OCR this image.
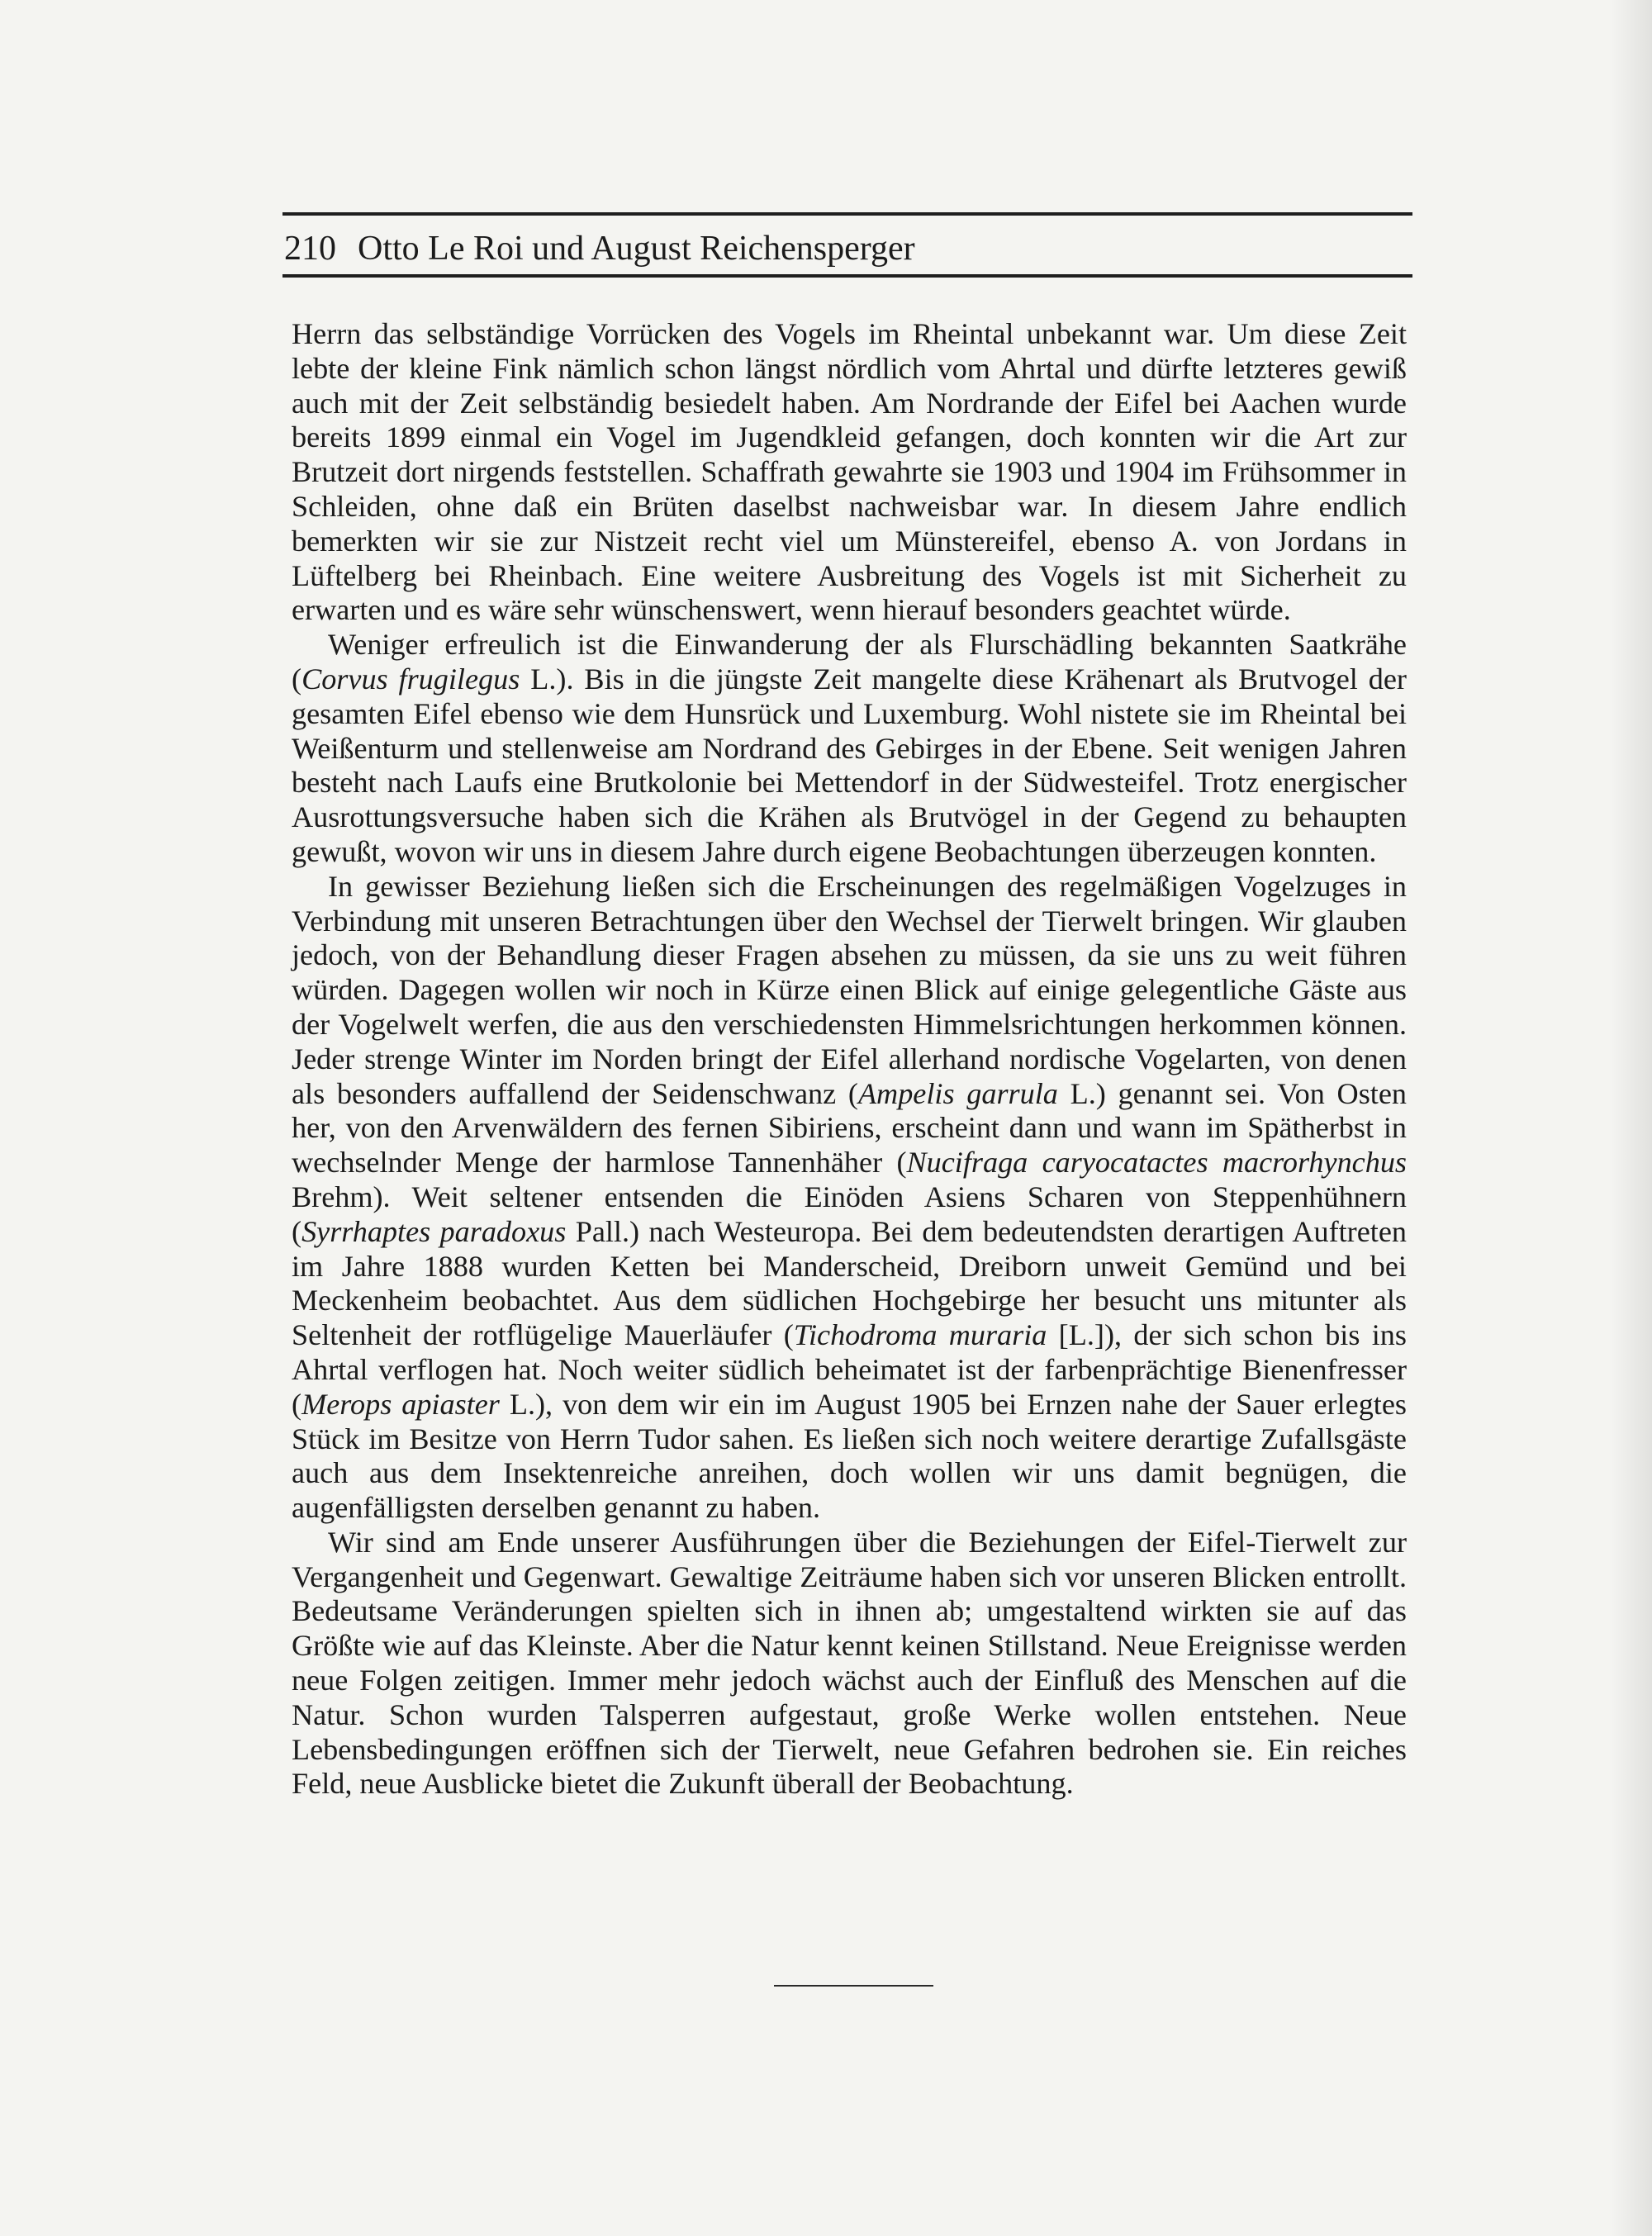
210 Otto Le Roi und August Reichensperger

Herrn das selbständige Vorrücken des Vogels im Rheintal unbekannt war. Um diese Zeit lebte der kleine Fink nämlich schon längst nördlich vom Ahrtal und dürfte letzteres gewiß auch mit der Zeit selbständig besiedelt haben. Am Nordrande der Eifel bei Aachen wurde bereits 1899 einmal ein Vogel im Jugendkleid gefangen, doch konnten wir die Art zur Brutzeit dort nirgends feststellen. Schaffrath gewahrte sie 1903 und 1904 im Frühsommer in Schleiden, ohne daß ein Brüten daselbst nachweisbar war. In diesem Jahre endlich bemerkten wir sie zur Nistzeit recht viel um Münstereifel, ebenso A. von Jordans in Lüftelberg bei Rheinbach. Eine weitere Ausbreitung des Vogels ist mit Sicherheit zu erwarten und es wäre sehr wünschenswert, wenn hierauf besonders geachtet würde.

Weniger erfreulich ist die Einwanderung der als Flurschädling bekannten Saatkrähe (Corvus frugilegus L.). Bis in die jüngste Zeit mangelte diese Krähenart als Brutvogel der gesamten Eifel ebenso wie dem Hunsrück und Luxemburg. Wohl nistete sie im Rheintal bei Weißenturm und stellenweise am Nordrand des Gebirges in der Ebene. Seit wenigen Jahren besteht nach Laufs eine Brutkolonie bei Mettendorf in der Südwesteifel. Trotz energischer Ausrottungsversuche haben sich die Krähen als Brutvögel in der Gegend zu behaupten gewußt, wovon wir uns in diesem Jahre durch eigene Beobachtungen überzeugen konnten.

In gewisser Beziehung ließen sich die Erscheinungen des regelmäßigen Vogelzuges in Verbindung mit unseren Betrachtungen über den Wechsel der Tierwelt bringen. Wir glauben jedoch, von der Behandlung dieser Fragen absehen zu müssen, da sie uns zu weit führen würden. Dagegen wollen wir noch in Kürze einen Blick auf einige gelegentliche Gäste aus der Vogelwelt werfen, die aus den verschiedensten Himmelsrichtungen herkommen können. Jeder strenge Winter im Norden bringt der Eifel allerhand nordische Vogelarten, von denen als besonders auffallend der Seidenschwanz (Ampelis garrula L.) genannt sei. Von Osten her, von den Arvenwäldern des fernen Sibiriens, erscheint dann und wann im Spätherbst in wechselnder Menge der harmlose Tannenhäher (Nucifraga caryocatactes macrorhynchus Brehm). Weit seltener entsenden die Einöden Asiens Scharen von Steppenhühnern (Syrrhaptes paradoxus Pall.) nach Westeuropa. Bei dem bedeutendsten derartigen Auftreten im Jahre 1888 wurden Ketten bei Manderscheid, Dreiborn unweit Gemünd und bei Meckenheim beobachtet. Aus dem südlichen Hochgebirge her besucht uns mitunter als Seltenheit der rotflügelige Mauerläufer (Tichodroma muraria [L.]), der sich schon bis ins Ahrtal verflogen hat. Noch weiter südlich beheimatet ist der farbenprächtige Bienenfresser (Merops apiaster L.), von dem wir ein im August 1905 bei Ernzen nahe der Sauer erlegtes Stück im Besitze von Herrn Tudor sahen. Es ließen sich noch weitere derartige Zufallsgäste auch aus dem Insektenreiche anreihen, doch wollen wir uns damit begnügen, die augenfälligsten derselben genannt zu haben.

Wir sind am Ende unserer Ausführungen über die Beziehungen der Eifel-Tierwelt zur Vergangenheit und Gegenwart. Gewaltige Zeiträume haben sich vor unseren Blicken entrollt. Bedeutsame Veränderungen spielten sich in ihnen ab; umgestaltend wirkten sie auf das Größte wie auf das Kleinste. Aber die Natur kennt keinen Stillstand. Neue Ereignisse werden neue Folgen zeitigen. Immer mehr jedoch wächst auch der Einfluß des Menschen auf die Natur. Schon wurden Talsperren aufgestaut, große Werke wollen entstehen. Neue Lebensbedingungen eröffnen sich der Tierwelt, neue Gefahren bedrohen sie. Ein reiches Feld, neue Ausblicke bietet die Zukunft überall der Beobachtung.
